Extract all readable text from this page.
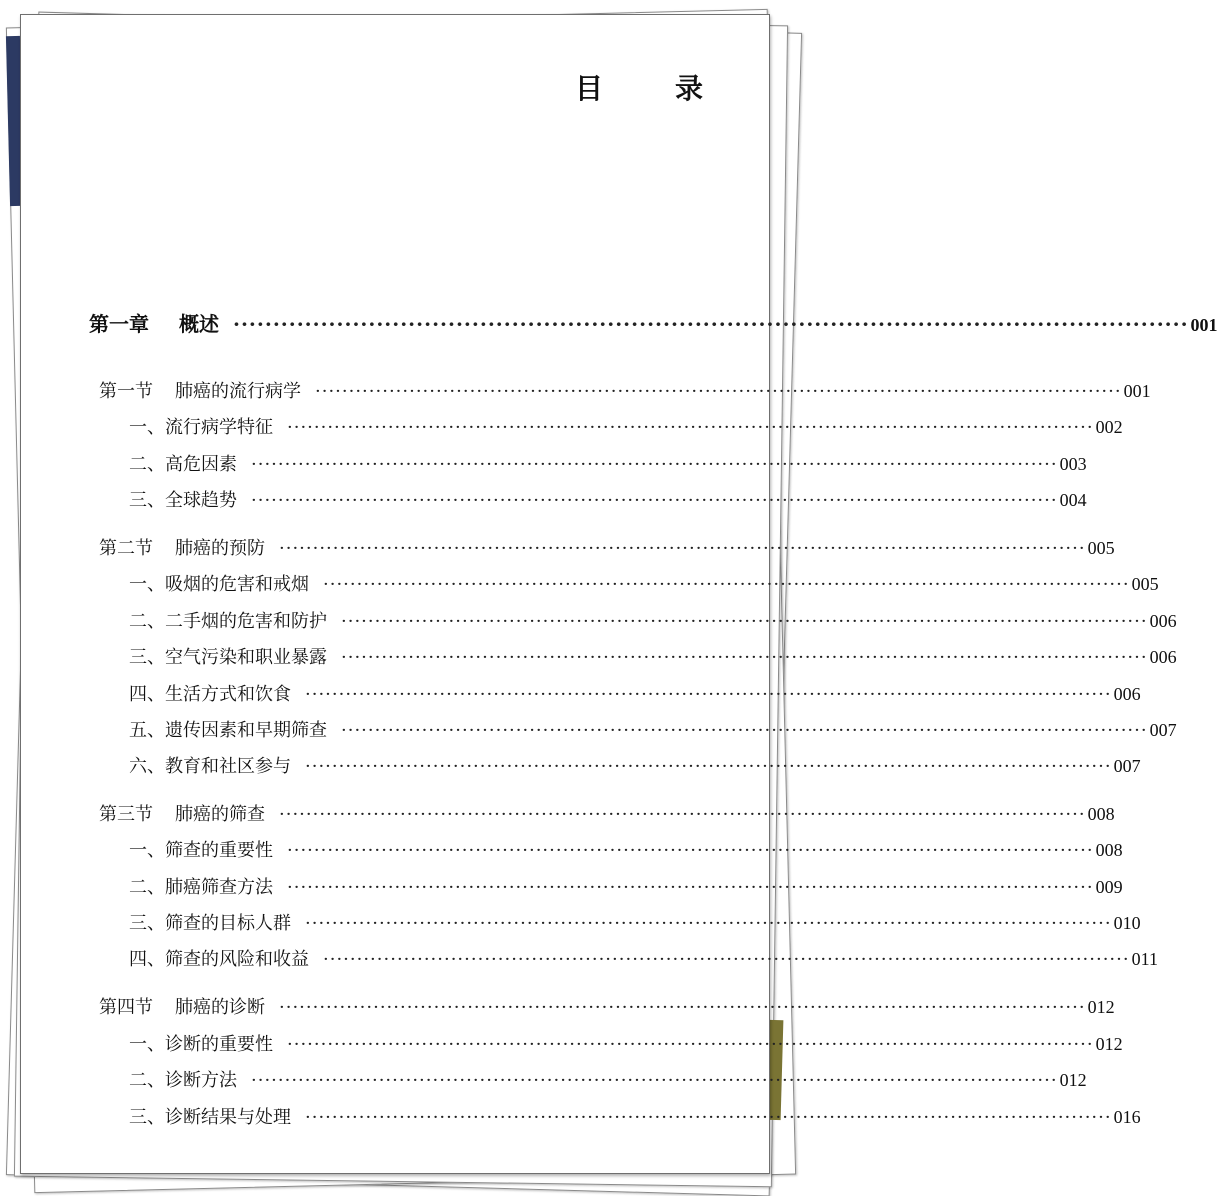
目　录
第一章 概述 ························································································································ 001
第一节 肺癌的流行病学 ························································································································ 001
一、 流行病学特征 ························································································································ 002
二、 高危因素 ························································································································ 003
三、 全球趋势 ························································································································ 004
第二节 肺癌的预防 ························································································································ 005
一、 吸烟的危害和戒烟 ························································································································ 005
二、 二手烟的危害和防护 ························································································································ 006
三、 空气污染和职业暴露 ························································································································ 006
四、 生活方式和饮食 ························································································································ 006
五、 遗传因素和早期筛查 ························································································································ 007
六、 教育和社区参与 ························································································································ 007
第三节 肺癌的筛查 ························································································································ 008
一、 筛查的重要性 ························································································································ 008
二、 肺癌筛查方法 ························································································································ 009
三、 筛查的目标人群 ························································································································ 010
四、 筛查的风险和收益 ························································································································ 011
第四节 肺癌的诊断 ························································································································ 012
一、 诊断的重要性 ························································································································ 012
二、 诊断方法 ························································································································ 012
三、 诊断结果与处理 ························································································································ 016
